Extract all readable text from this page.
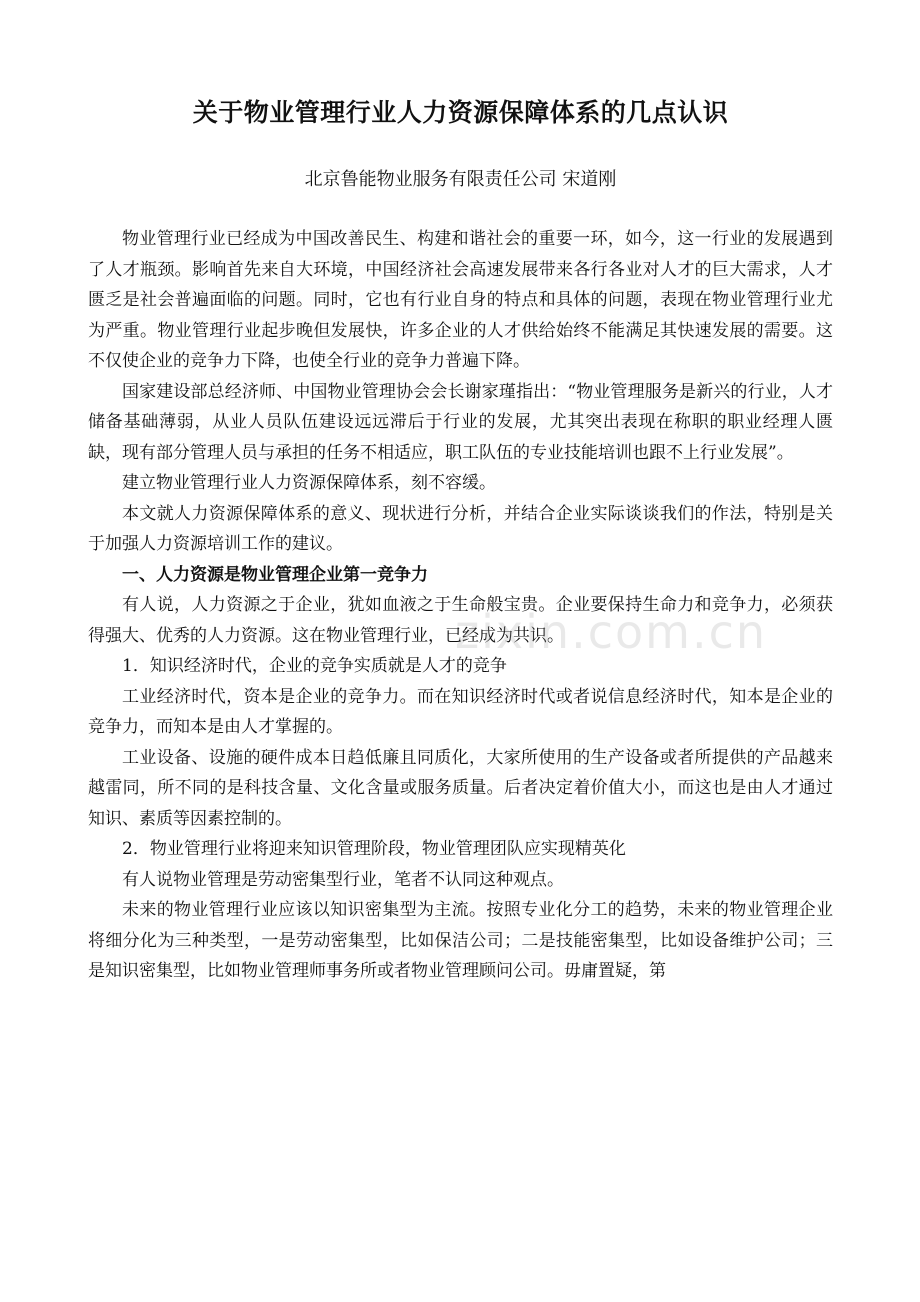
关于物业管理行业人力资源保障体系的几点认识
北京鲁能物业服务有限责任公司 宋道刚

物业管理行业已经成为中国改善民生、构建和谐社会的重要一环，如今，这一行业的发展遇到了人才瓶颈。影响首先来自大环境，中国经济社会高速发展带来各行各业对人才的巨大需求，人才匮乏是社会普遍面临的问题。同时，它也有行业自身的特点和具体的问题，表现在物业管理行业尤为严重。物业管理行业起步晚但发展快，许多企业的人才供给始终不能满足其快速发展的需要。这不仅使企业的竞争力下降，也使全行业的竞争力普遍下降。

国家建设部总经济师、中国物业管理协会会长谢家瑾指出：“物业管理服务是新兴的行业，人才储备基础薄弱，从业人员队伍建设远远滞后于行业的发展，尤其突出表现在称职的职业经理人匮缺，现有部分管理人员与承担的任务不相适应，职工队伍的专业技能培训也跟不上行业发展”。

建立物业管理行业人力资源保障体系，刻不容缓。

本文就人力资源保障体系的意义、现状进行分析，并结合企业实际谈谈我们的作法，特别是关于加强人力资源培训工作的建议。

一、人力资源是物业管理企业第一竞争力

有人说，人力资源之于企业，犹如血液之于生命般宝贵。企业要保持生命力和竞争力，必须获得强大、优秀的人力资源。这在物业管理行业，已经成为共识。

1．知识经济时代，企业的竞争实质就是人才的竞争

工业经济时代，资本是企业的竞争力。而在知识经济时代或者说信息经济时代，知本是企业的竞争力，而知本是由人才掌握的。

工业设备、设施的硬件成本日趋低廉且同质化，大家所使用的生产设备或者所提供的产品越来越雷同，所不同的是科技含量、文化含量或服务质量。后者决定着价值大小，而这也是由人才通过知识、素质等因素控制的。

2．物业管理行业将迎来知识管理阶段，物业管理团队应实现精英化

有人说物业管理是劳动密集型行业，笔者不认同这种观点。

未来的物业管理行业应该以知识密集型为主流。按照专业化分工的趋势，未来的物业管理企业将细分化为三种类型，一是劳动密集型，比如保洁公司；二是技能密集型，比如设备维护公司；三是知识密集型，比如物业管理师事务所或者物业管理顾问公司。毋庸置疑，第

zixin.com.cn
